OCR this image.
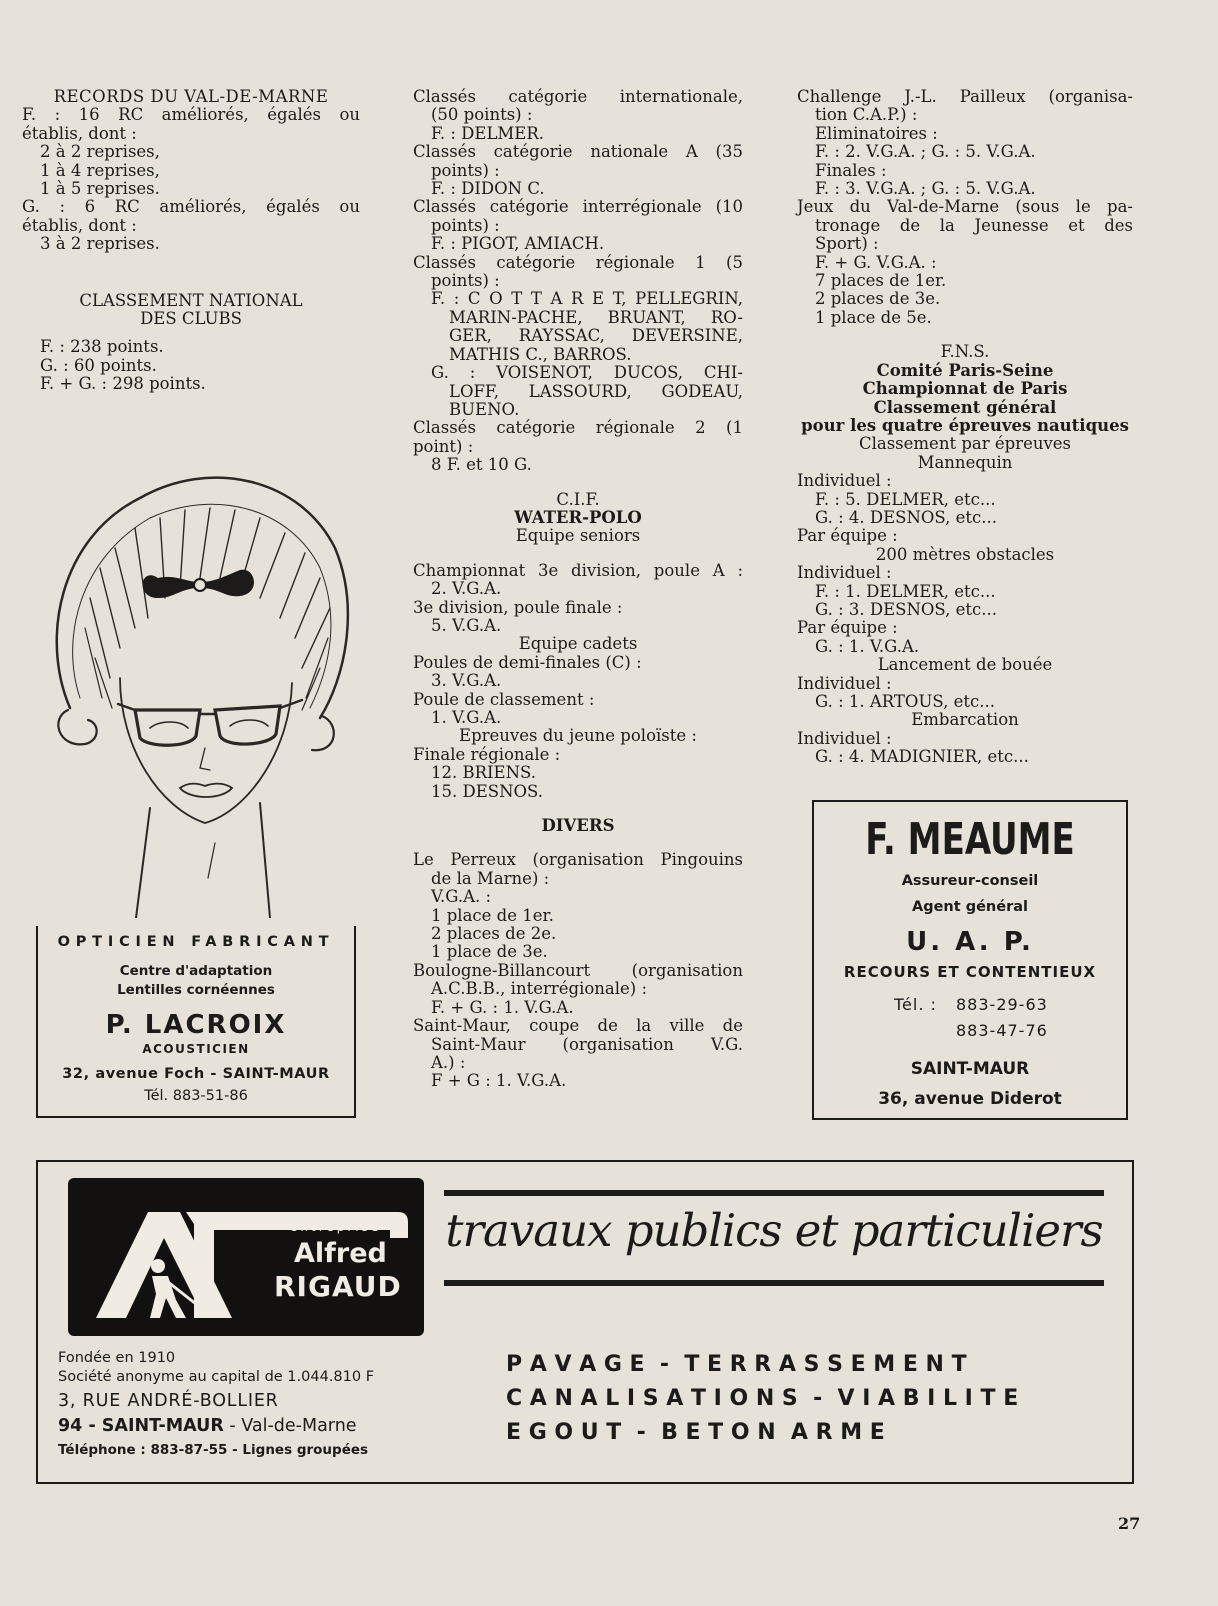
RECORDS DU VAL-DE-MARNE
F. : 16 RC améliorés, égalés ou
établis, dont :
2 à 2 reprises,
1 à 4 reprises,
1 à 5 reprises.
G. : 6 RC améliorés, égalés ou
établis, dont :
3 à 2 reprises.
CLASSEMENT NATIONAL
DES CLUBS
F. : 238 points.
G. : 60 points.
F. + G. : 298 points.
OPTICIEN FABRICANT
Centre d'adaptation
Lentilles cornéennes
P. LACROIX
ACOUSTICIEN
32, avenue Foch - SAINT-MAUR
Tél. 883-51-86
Classés catégorie internationale,
(50 points) :
F. : DELMER.
Classés catégorie nationale A (35
points) :
F. : DIDON C.
Classés catégorie interrégionale (10
points) :
F. : PIGOT, AMIACH.
Classés catégorie régionale 1 (5
points) :
F. : C O T T A R E T, PELLEGRIN,
MARIN-PACHE, BRUANT, RO-
GER, RAYSSAC, DEVERSINE,
MATHIS C., BARROS.
G. : VOISENOT, DUCOS, CHI-
LOFF, LASSOURD, GODEAU,
BUENO.
Classés catégorie régionale 2 (1
point) :
8 F. et 10 G.
C.I.F.
WATER-POLO
Equipe seniors
Championnat 3e division, poule A :
2. V.G.A.
3e division, poule finale :
5. V.G.A.
Equipe cadets
Poules de demi-finales (C) :
3. V.G.A.
Poule de classement :
1. V.G.A.
Epreuves du jeune poloïste :
Finale régionale :
12. BRIENS.
15. DESNOS.
DIVERS
Le Perreux (organisation Pingouins
de la Marne) :
V.G.A. :
1 place de 1er.
2 places de 2e.
1 place de 3e.
Boulogne-Billancourt (organisation
A.C.B.B., interrégionale) :
F. + G. : 1. V.G.A.
Saint-Maur, coupe de la ville de
Saint-Maur (organisation V.G.
A.) :
F + G : 1. V.G.A.
Challenge J.-L. Pailleux (organisa-
tion C.A.P.) :
Eliminatoires :
F. : 2. V.G.A. ; G. : 5. V.G.A.
Finales :
F. : 3. V.G.A. ; G. : 5. V.G.A.
Jeux du Val-de-Marne (sous le pa-
tronage de la Jeunesse et des
Sport) :
F. + G. V.G.A. :
7 places de 1er.
2 places de 3e.
1 place de 5e.
F.N.S.
Comité Paris-Seine
Championnat de Paris
Classement général
pour les quatre épreuves nautiques
Classement par épreuves
Mannequin
Individuel :
F. : 5. DELMER, etc...
G. : 4. DESNOS, etc...
Par équipe :
200 mètres obstacles
Individuel :
F. : 1. DELMER, etc...
G. : 3. DESNOS, etc...
Par équipe :
G. : 1. V.G.A.
Lancement de bouée
Individuel :
G. : 1. ARTOUS, etc...
Embarcation
Individuel :
G. : 4. MADIGNIER, etc...
F. MEAUME
Assureur-conseil
Agent général
U. A. P.
RECOURS ET CONTENTIEUX
Tél. : 883-29-63
883-47-76
SAINT-MAUR
36, avenue Diderot
entreprise
Alfred
RIGAUD
Fondée en 1910
Société anonyme au capital de 1.044.810 F
3, RUE ANDRÉ-BOLLIER
94 - SAINT-MAUR - Val-de-Marne
Téléphone : 883-87-55 - Lignes groupées
travaux publics et particuliers
P A V A G E  -  T E R R A S S E M E N T
C A N A L I S A T I O N S  -  V I A B I L I T E
E G O U T  -  B E T O N  A R M E
27
